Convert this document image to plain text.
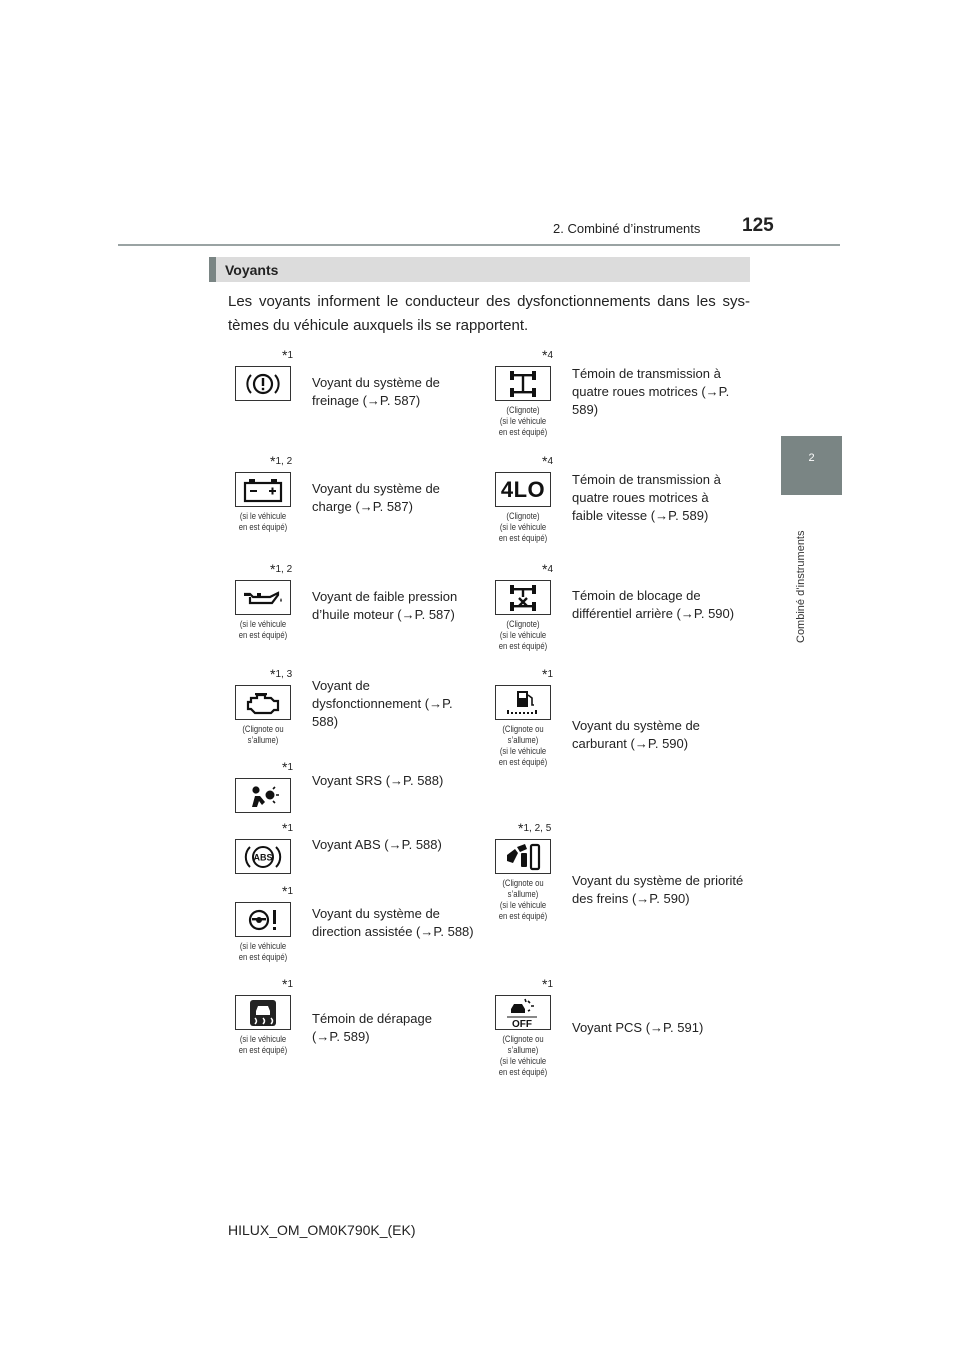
2. Combiné d’instruments 125
2
Combiné d’instruments
Voyants
Les voyants informent le conducteur des dysfonctionnements dans les sys-tèmes du véhicule auxquels ils se rapportent.
*1
Voyant du système de freinage (→P. 587)
*1, 2
(si le véhicule
en est équipé)
Voyant du système de charge (→P. 587)
*1, 2
(si le véhicule
en est équipé)
Voyant de faible pression d’huile moteur (→P. 587)
*1, 3
(Clignote ou
s’allume)
Voyant de dysfonctionnement (→P. 588)
*1
Voyant SRS (→P. 588)
*1
ABS
Voyant ABS (→P. 588)
*1
(si le véhicule
en est équipé)
Voyant du système de direction assistée (→P. 588)
*1
(si le véhicule
en est équipé)
Témoin de dérapage (→P. 589)
*4
(Clignote)
(si le véhicule
en est équipé)
Témoin de transmission à quatre roues motrices (→P. 589)
*4
4LO
(Clignote)
(si le véhicule
en est équipé)
Témoin de transmission à quatre roues motrices à faible vitesse (→P. 589)
*4
(Clignote)
(si le véhicule
en est équipé)
Témoin de blocage de différentiel arrière (→P. 590)
*1
(Clignote ou
s’allume)
(si le véhicule
en est équipé)
Voyant du système de carburant (→P. 590)
*1, 2, 5
(Clignote ou
s’allume)
(si le véhicule
en est équipé)
Voyant du système de priorité des freins (→P. 590)
*1
OFF
(Clignote ou
s’allume)
(si le véhicule
en est équipé)
Voyant PCS (→P. 591)
HILUX_OM_OM0K790K_(EK)
